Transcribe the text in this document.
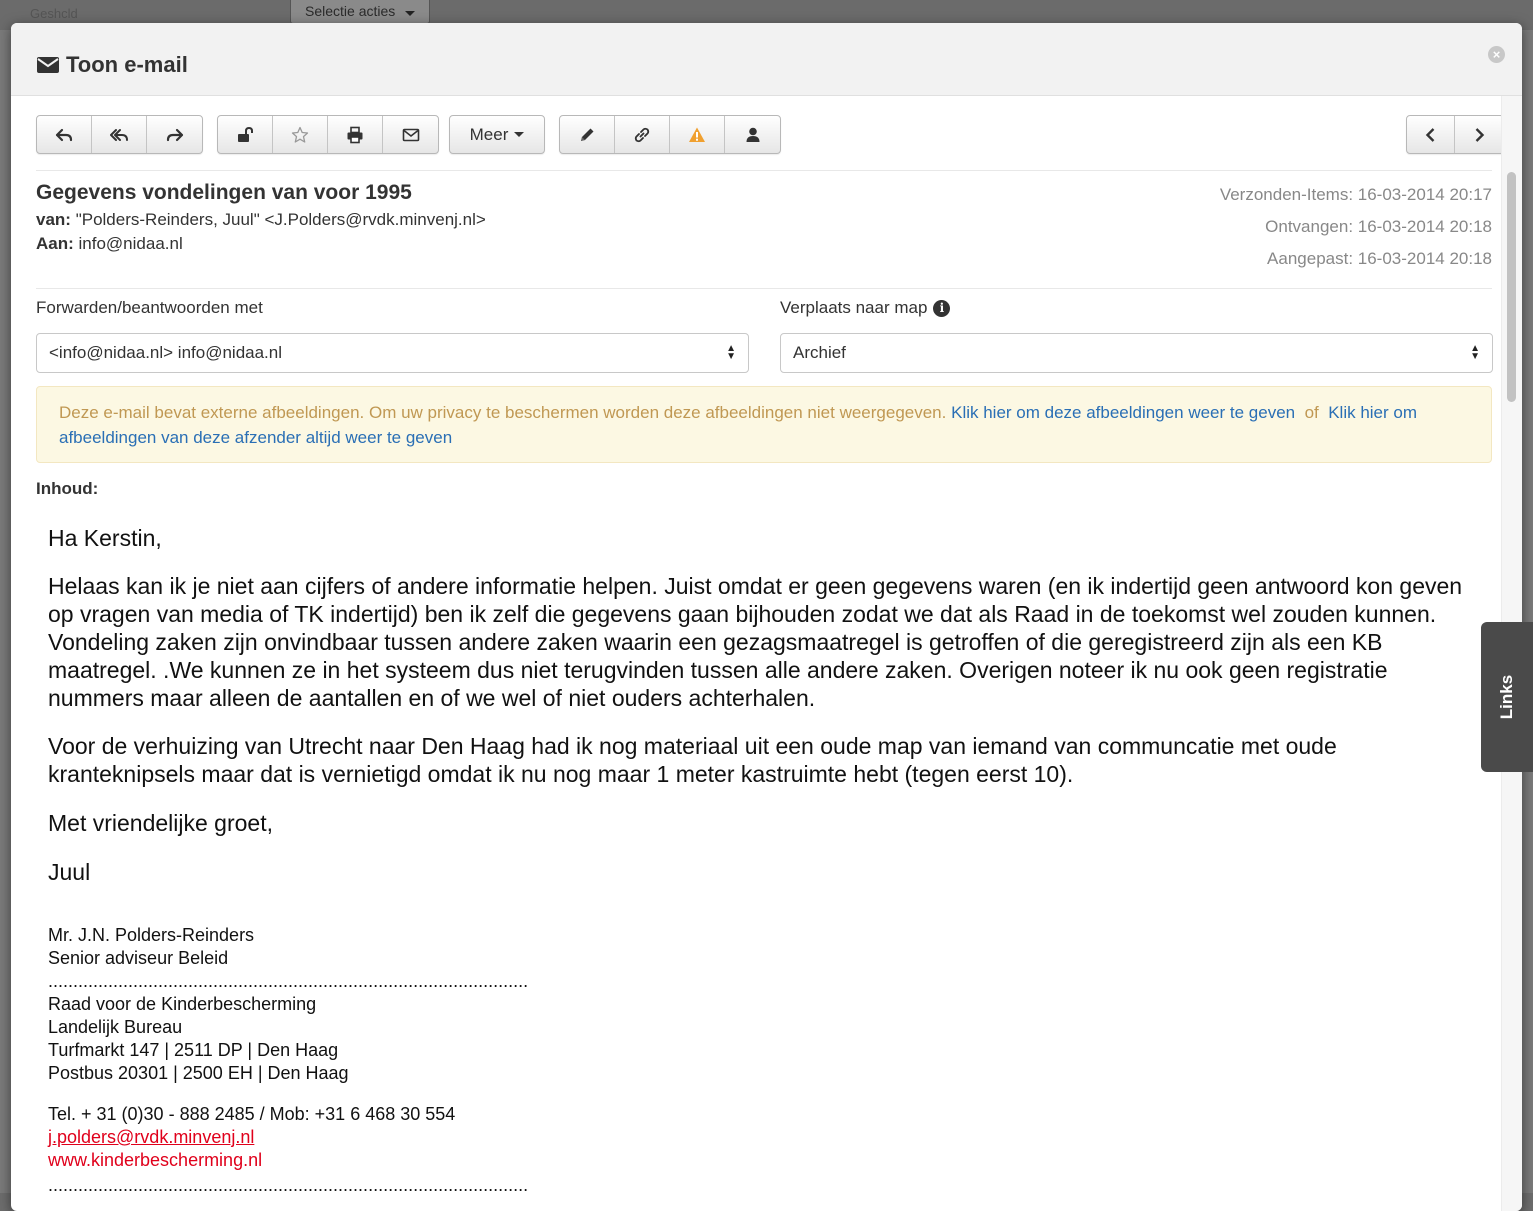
Geshcld	Selectie acties
Toon e-mail	×
Meer
Gegevens vondelingen van voor 1995
van: "Polders-Reinders, Juul" <J.Polders@rvdk.minvenj.nl>
Aan: info@nidaa.nl
Verzonden-Items: 16-03-2014 20:17
Ontvangen: 16-03-2014 20:18
Aangepast: 16-03-2014 20:18
Forwarden/beantwoorden met
<info@nidaa.nl> info@nidaa.nl	▲
▼
Verplaats naar map	i
Archief	▲
▼
Deze e-mail bevat externe afbeeldingen. Om uw privacy te beschermen worden deze afbeeldingen niet weergegeven. Klik hier om deze afbeeldingen weer te geven of Klik hier om afbeeldingen van deze afzender altijd weer te geven
Inhoud:

Ha Kerstin,

Helaas kan ik je niet aan cijfers of andere informatie helpen. Juist omdat er geen gegevens waren (en ik indertijd geen antwoord kon geven op vragen van media of TK indertijd) ben ik zelf die gegevens gaan bijhouden zodat we dat als Raad in de toekomst wel zouden kunnen. Vondeling zaken zijn onvindbaar tussen andere zaken waarin een gezagsmaatregel is getroffen of die geregistreerd zijn als een KB maatregel. .We kunnen ze in het systeem dus niet terugvinden tussen alle andere zaken. Overigen noteer ik nu ook geen registratie nummers maar alleen de aantallen en of we wel of niet ouders achterhalen.

Voor de verhuizing van Utrecht naar Den Haag had ik nog materiaal uit een oude map van iemand van communcatie met oude kranteknipsels maar dat is vernietigd omdat ik nu nog maar 1 meter kastruimte hebt (tegen eerst 10).

Met vriendelijke groet,

Juul

Mr. J.N. Polders-Reinders
Senior adviseur Beleid
................................................................................................
Raad voor de Kinderbescherming
Landelijk Bureau
Turfmarkt 147 | 2511 DP | Den Haag
Postbus 20301 | 2500 EH | Den Haag
Tel. + 31 (0)30 - 888 2485 / Mob: +31 6 468 30 554
j.polders@rvdk.minvenj.nl
www.kinderbescherming.nl
................................................................................................
Links
